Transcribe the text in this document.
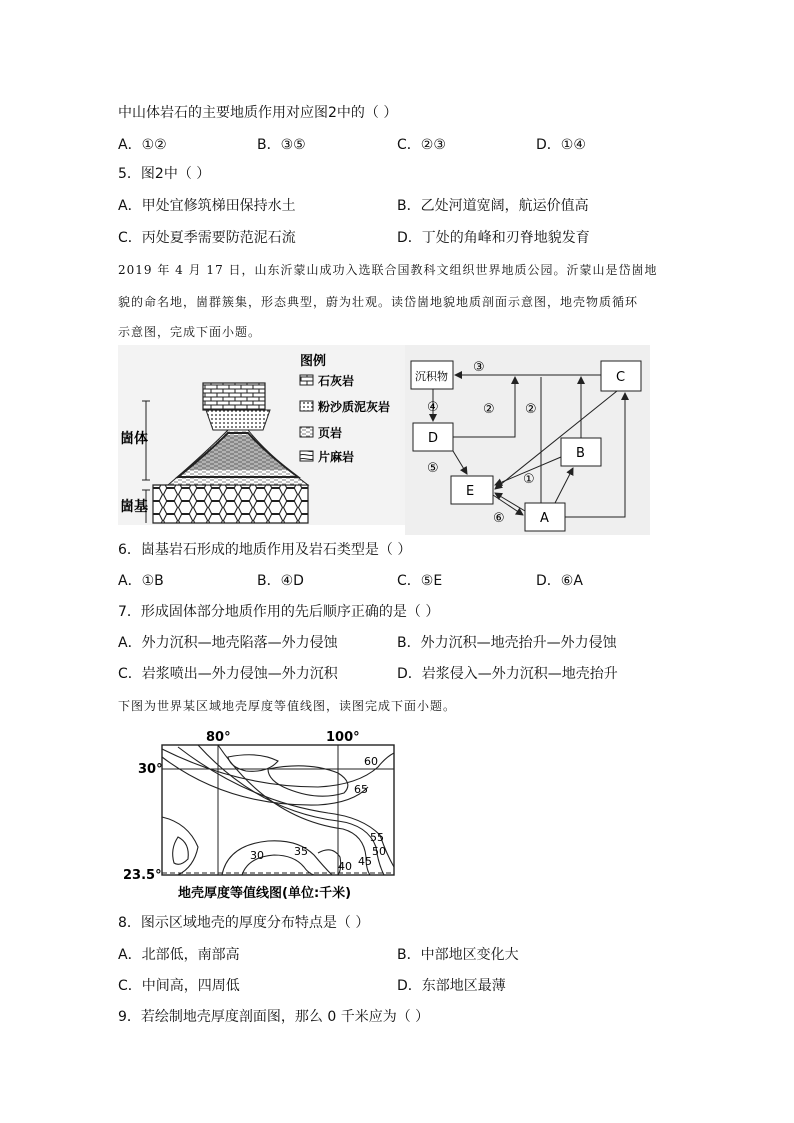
中山体岩石的主要地质作用对应图2中的（ ）
A．①②	B．③⑤	C．②③	D．①④
5．图2中（ ）
A．甲处宜修筑梯田保持水土	B．乙处河道宽阔，航运价值高
C．丙处夏季需要防范泥石流	D．丁处的角峰和刃脊地貌发育
2019 年 4 月 17 日，山东沂蒙山成功入选联合国教科文组织世界地质公园。沂蒙山是岱崮地
貌的命名地，崮群簇集，形态典型，蔚为壮观。读岱崮地貌地质剖面示意图，地壳物质循环
示意图，完成下面小题。
崮体
崮基
图例
石灰岩
粉沙质泥灰岩
页岩
片麻岩
沉积物	C
D
B
E
A
③
④	② ②
⑤
①
⑥
6．崮基岩石形成的地质作用及岩石类型是（ ）
A．①B	B．④D	C．⑤E	D．⑥A
7．形成固体部分地质作用的先后顺序正确的是（ ）
A．外力沉积—地壳陷落—外力侵蚀	B．外力沉积—地壳抬升—外力侵蚀
C．岩浆喷出—外力侵蚀—外力沉积	D．岩浆侵入—外力沉积—地壳抬升
下图为世界某区域地壳厚度等值线图，读图完成下面小题。
80°	100°
30°
23.5°
60
65
55
50
45
40
35
30
地壳厚度等值线图(单位:千米)
8．图示区域地壳的厚度分布特点是（ ）
A．北部低，南部高	B．中部地区变化大
C．中间高，四周低	D．东部地区最薄
9．若绘制地壳厚度剖面图，那么 0 千米应为（ ）
